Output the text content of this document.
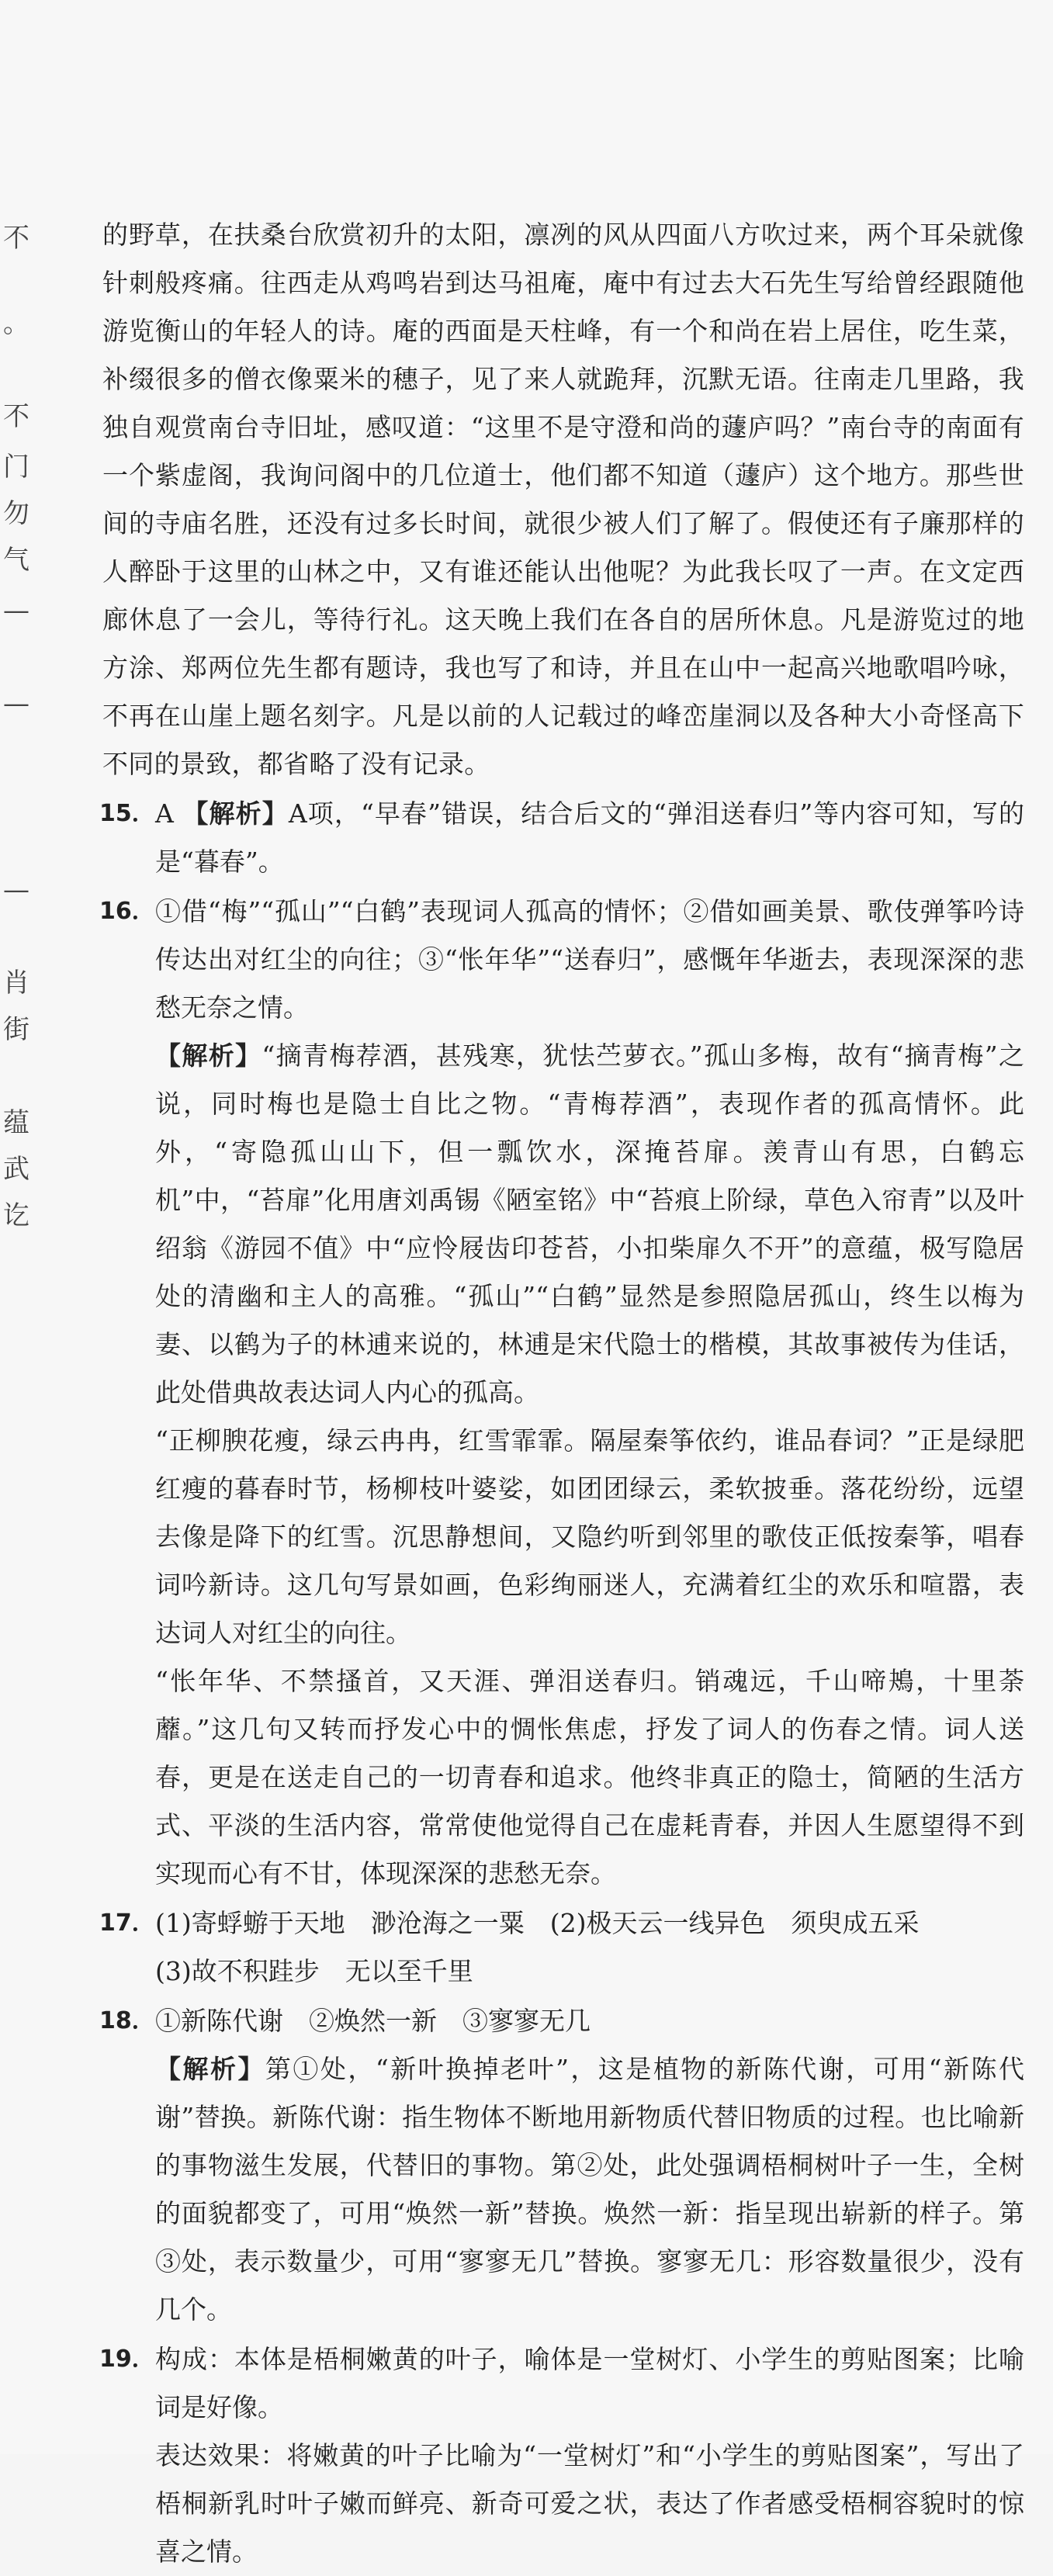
不
。
不
门
勿
气
—
—
—
肖
街
蕴
武
讫

的野草，在扶桑台欣赏初升的太阳，凛冽的风从四面八方吹过来，两个耳朵就像针刺般疼痛。往西走从鸡鸣岩到达马祖庵，庵中有过去大石先生写给曾经跟随他游览衡山的年轻人的诗。庵的西面是天柱峰，有一个和尚在岩上居住，吃生菜，补缀很多的僧衣像粟米的穗子，见了来人就跪拜，沉默无语。往南走几里路，我独自观赏南台寺旧址，感叹道：“这里不是守澄和尚的蘧庐吗？”南台寺的南面有一个紫虚阁，我询问阁中的几位道士，他们都不知道（蘧庐）这个地方。那些世间的寺庙名胜，还没有过多长时间，就很少被人们了解了。假使还有子廉那样的人醉卧于这里的山林之中，又有谁还能认出他呢？为此我长叹了一声。在文定西廊休息了一会儿，等待行礼。这天晚上我们在各自的居所休息。凡是游览过的地方涂、郑两位先生都有题诗，我也写了和诗，并且在山中一起高兴地歌唱吟咏，不再在山崖上题名刻字。凡是以前的人记载过的峰峦崖洞以及各种大小奇怪高下不同的景致，都省略了没有记录。

15． A 【解析】A项，“早春”错误，结合后文的“弹泪送春归”等内容可知，写的是“暮春”。
16． ①借“梅”“孤山”“白鹤”表现词人孤高的情怀；②借如画美景、歌伎弹筝吟诗传达出对红尘的向往；③“怅年华”“送春归”，感慨年华逝去，表现深深的悲愁无奈之情。
【解析】“摘青梅荐酒，甚残寒，犹怯苎萝衣。”孤山多梅，故有“摘青梅”之说，同时梅也是隐士自比之物。“青梅荐酒”，表现作者的孤高情怀。此外，“寄隐孤山山下，但一瓢饮水，深掩苔扉。羡青山有思，白鹤忘机”中，“苔扉”化用唐刘禹锡《陋室铭》中“苔痕上阶绿，草色入帘青”以及叶绍翁《游园不值》中“应怜屐齿印苍苔，小扣柴扉久不开”的意蕴，极写隐居处的清幽和主人的高雅。“孤山”“白鹤”显然是参照隐居孤山，终生以梅为妻、以鹤为子的林逋来说的，林逋是宋代隐士的楷模，其故事被传为佳话，此处借典故表达词人内心的孤高。
“正柳腴花瘦，绿云冉冉，红雪霏霏。隔屋秦筝依约，谁品春词？”正是绿肥红瘦的暮春时节，杨柳枝叶婆娑，如团团绿云，柔软披垂。落花纷纷，远望去像是降下的红雪。沉思静想间，又隐约听到邻里的歌伎正低按秦筝，唱春词吟新诗。这几句写景如画，色彩绚丽迷人，充满着红尘的欢乐和喧嚣，表达词人对红尘的向往。
“怅年华、不禁搔首，又天涯、弹泪送春归。销魂远，千山啼鴂，十里荼蘼。”这几句又转而抒发心中的惆怅焦虑，抒发了词人的伤春之情。词人送春，更是在送走自己的一切青春和追求。他终非真正的隐士，简陋的生活方式、平淡的生活内容，常常使他觉得自己在虚耗青春，并因人生愿望得不到实现而心有不甘，体现深深的悲愁无奈。
17． (1)寄蜉蝣于天地　渺沧海之一粟　(2)极天云一线异色　须臾成五采
(3)故不积跬步　无以至千里
18． ①新陈代谢　②焕然一新　③寥寥无几
【解析】第①处，“新叶换掉老叶”，这是植物的新陈代谢，可用“新陈代谢”替换。新陈代谢：指生物体不断地用新物质代替旧物质的过程。也比喻新的事物滋生发展，代替旧的事物。第②处，此处强调梧桐树叶子一生，全树的面貌都变了，可用“焕然一新”替换。焕然一新：指呈现出崭新的样子。第③处，表示数量少，可用“寥寥无几”替换。寥寥无几：形容数量很少，没有几个。
19． 构成：本体是梧桐嫩黄的叶子，喻体是一堂树灯、小学生的剪贴图案；比喻词是好像。
表达效果：将嫩黄的叶子比喻为“一堂树灯”和“小学生的剪贴图案”，写出了梧桐新乳时叶子嫩而鲜亮、新奇可爱之状，表达了作者感受梧桐容貌时的惊喜之情。
